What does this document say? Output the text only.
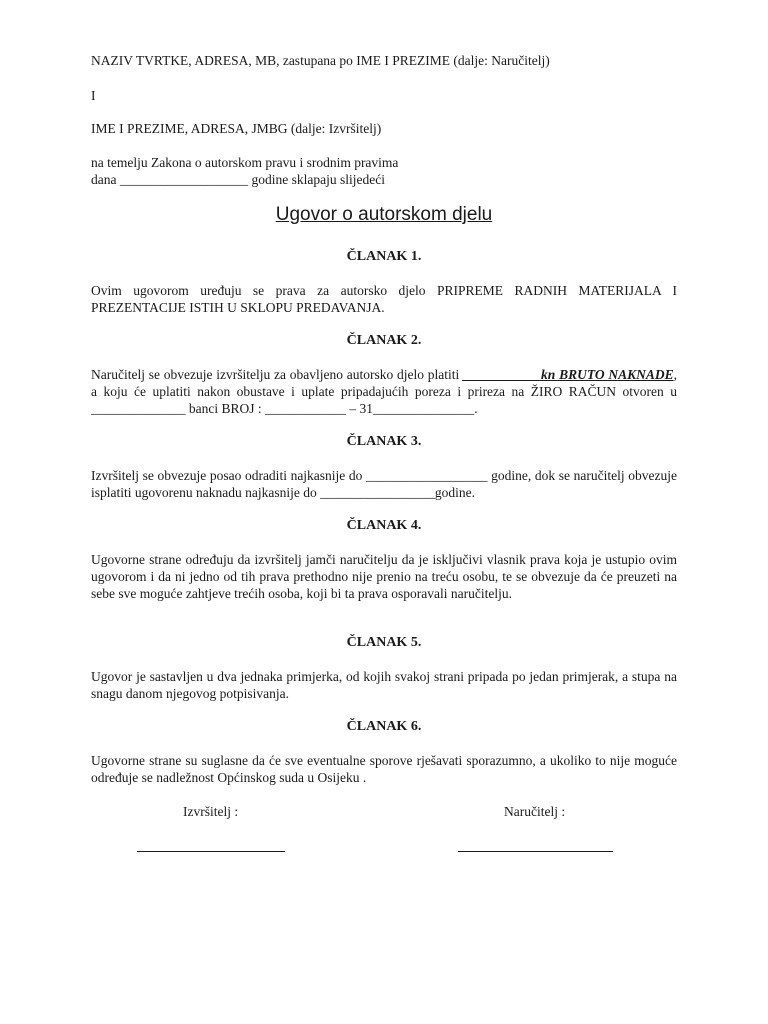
NAZIV TVRTKE, ADRESA, MB, zastupana po IME I PREZIME (dalje: Naručitelj)
I
IME I PREZIME, ADRESA, JMBG (dalje: Izvršitelj)
na temelju Zakona o autorskom pravu i srodnim pravima
dana ___________________ godine sklapaju slijedeći
Ugovor o autorskom djelu
ČLANAK 1.
Ovim ugovorom uređuju se prava za autorsko djelo PRIPREME RADNIH MATERIJALA I PREZENTACIJE ISTIH U SKLOPU PREDAVANJA.
ČLANAK 2.
Naručitelj se obvezuje izvršitelju za obavljeno autorsko djelo platiti ___________ kn BRUTO NAKNADE, a koju će uplatiti nakon obustave i uplate pripadajućih poreza i prireza na ŽIRO RAČUN otvoren u ______________ banci BROJ : ____________ – 31_______________.
ČLANAK 3.
Izvršitelj se obvezuje posao odraditi najkasnije do __________________ godine, dok se naručitelj obvezuje isplatiti ugovorenu naknadu najkasnije do _________________godine.
ČLANAK 4.
Ugovorne strane određuju da izvršitelj jamči naručitelju da je isključivi vlasnik prava koja je ustupio ovim ugovorom i da ni jedno od tih prava prethodno nije prenio na treću osobu, te se obvezuje da će preuzeti na sebe sve moguće zahtjeve trećih osoba, koji bi ta prava osporavali naručitelju.
ČLANAK 5.
Ugovor je sastavljen u dva jednaka primjerka, od kojih svakoj strani pripada po jedan primjerak, a stupa na snagu danom njegovog potpisivanja.
ČLANAK 6.
Ugovorne strane su suglasne da će sve eventualne sporove rješavati sporazumno, a ukoliko to nije moguće određuje se nadležnost Općinskog suda u Osijeku .
Izvršitelj :	Naručitelj :
